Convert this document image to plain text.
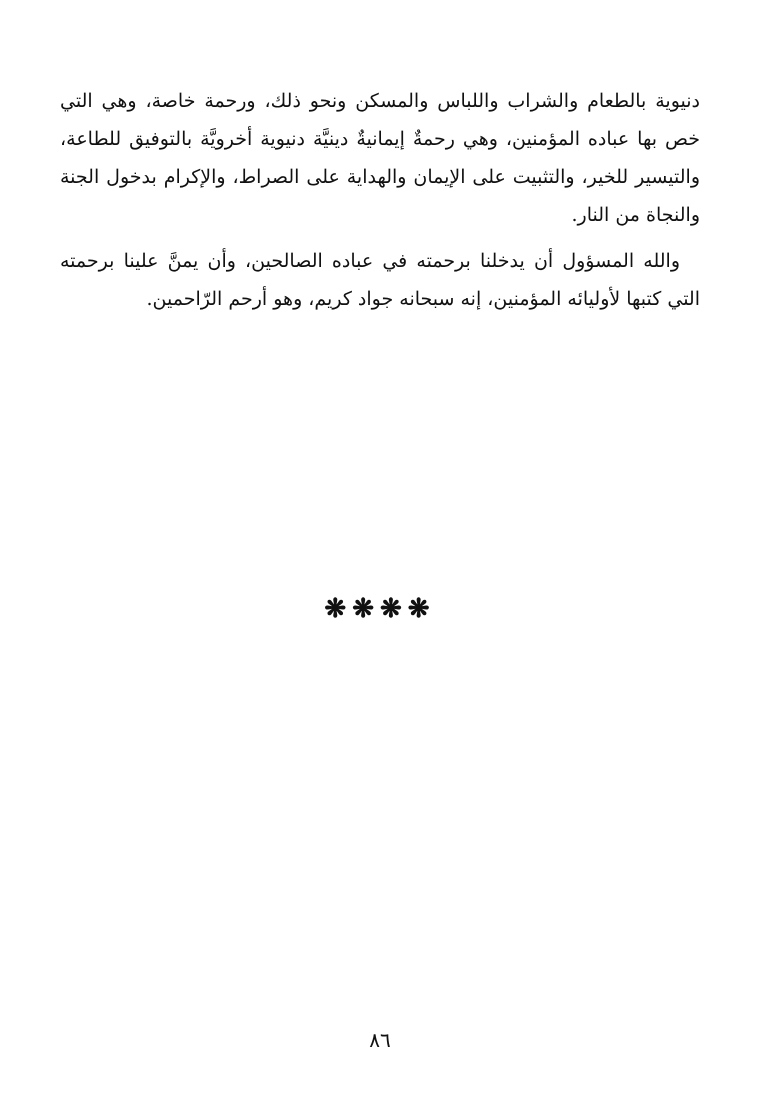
دنيوية بالطعام والشراب واللباس والمسكن ونحو ذلك، ورحمة خاصة، وهي التي خص بها عباده المؤمنين، وهي رحمةٌ إيمانيةٌ دينيَّة دنيوية أخرويَّة بالتوفيق للطاعة، والتيسير للخير، والتثبيت على الإيمان والهداية على الصراط، والإكرام بدخول الجنة والنجاة من النار.

والله المسؤول أن يدخلنا برحمته في عباده الصالحين، وأن يمنَّ علينا برحمته التي كتبها لأوليائه المؤمنين، إنه سبحانه جواد كريم، وهو أرحم الرّاحمين.

❋❋❋❋
٨٦
